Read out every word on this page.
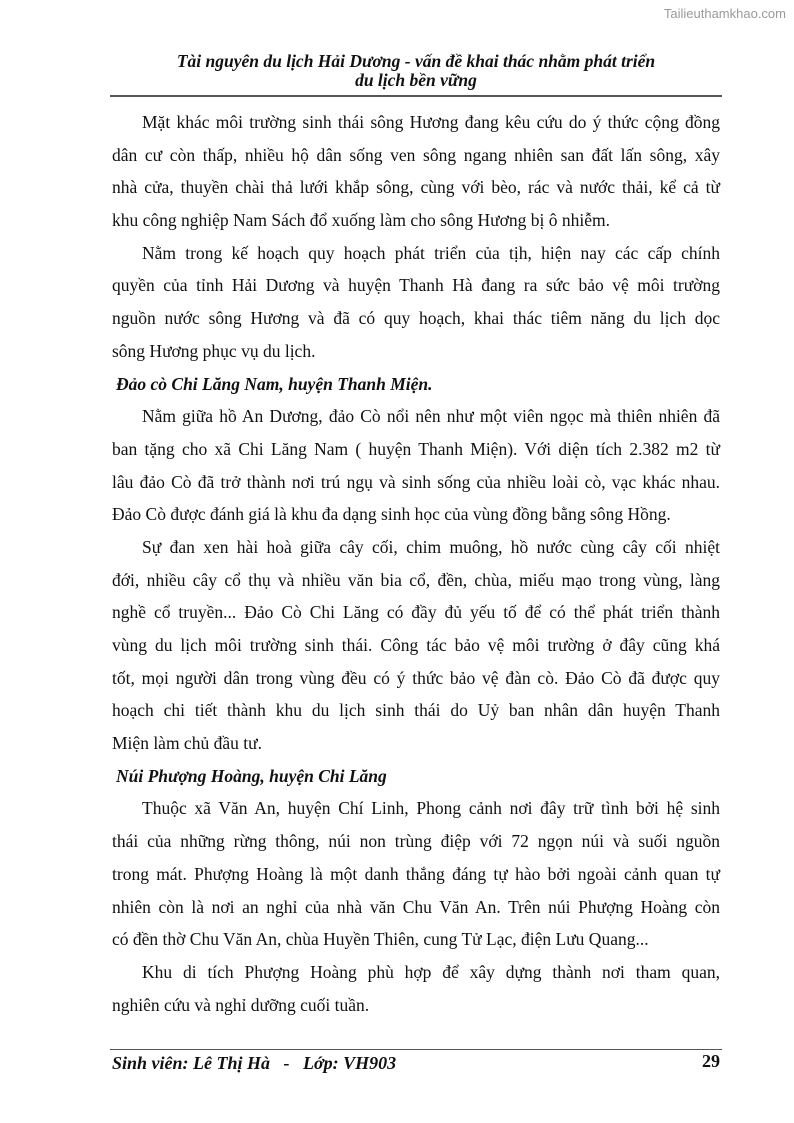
Tailieuthamkhao.com
Tài nguyên du lịch Hải Dương - vấn đề khai thác nhằm phát triển
du lịch bền vững
Mặt khác môi trường sinh thái sông Hương đang kêu cứu do ý thức cộng đồng
dân cư còn thấp, nhiều hộ dân sống ven sông ngang nhiên san đất lấn sông, xây
nhà cửa, thuyền chài thả lưới khắp sông, cùng với bèo, rác và nước thải, kể cả từ
khu công nghiệp Nam Sách đổ xuống làm cho sông Hương bị ô nhiễm.
Nằm trong kế hoạch quy hoạch phát triển của tịh, hiện nay các cấp chính
quyền của tỉnh Hải Dương và huyện Thanh Hà đang ra sức bảo vệ môi trường
nguồn nước sông Hương và đã có quy hoạch, khai thác tiêm năng du lịch dọc
sông Hương phục vụ du lịch.
Đảo cò Chi Lăng Nam, huyện Thanh Miện.
Nằm giữa hồ An Dương, đảo Cò nổi nên như một viên ngọc mà thiên nhiên đã
ban tặng cho xã Chi Lăng Nam ( huyện Thanh Miện). Với diện tích 2.382 m2 từ
lâu đảo Cò đã trở thành nơi trú ngụ và sinh sống của nhiều loài cò, vạc khác nhau.
Đảo Cò được đánh giá là khu đa dạng sinh học của vùng đồng bằng sông Hồng.
Sự đan xen hài hoà giữa cây cối, chim muông, hồ nước cùng cây cối nhiệt
đới, nhiều cây cổ thụ và nhiều văn bia cổ, đền, chùa, miếu mạo trong vùng, làng
nghề cổ truyền... Đảo Cò Chi Lăng có đầy đủ yếu tố để có thể phát triển thành
vùng du lịch môi trường sinh thái. Công tác bảo vệ môi trường ở đây cũng khá
tốt, mọi người dân trong vùng đều có ý thức bảo vệ đàn cò. Đảo Cò đã được quy
hoạch chi tiết thành khu du lịch sinh thái do Uỷ ban nhân dân huyện Thanh
Miện làm chủ đầu tư.
Núi Phượng Hoàng, huyện Chi Lăng
Thuộc xã Văn An, huyện Chí Linh, Phong cảnh nơi đây trữ tình bởi hệ sinh
thái của những rừng thông, núi non trùng điệp với 72 ngọn núi và suối nguồn
trong mát. Phượng Hoàng là một danh thắng đáng tự hào bởi ngoài cảnh quan tự
nhiên còn là nơi an nghỉ của nhà văn Chu Văn An. Trên núi Phượng Hoàng còn
có đền thờ Chu Văn An, chùa Huyền Thiên, cung Tử Lạc, điện Lưu Quang...
Khu di tích Phượng Hoàng phù hợp để xây dựng thành nơi tham quan,
nghiên cứu và nghỉ dưỡng cuối tuần.
Sinh viên: Lê Thị Hà   -   Lớp: VH903	29
